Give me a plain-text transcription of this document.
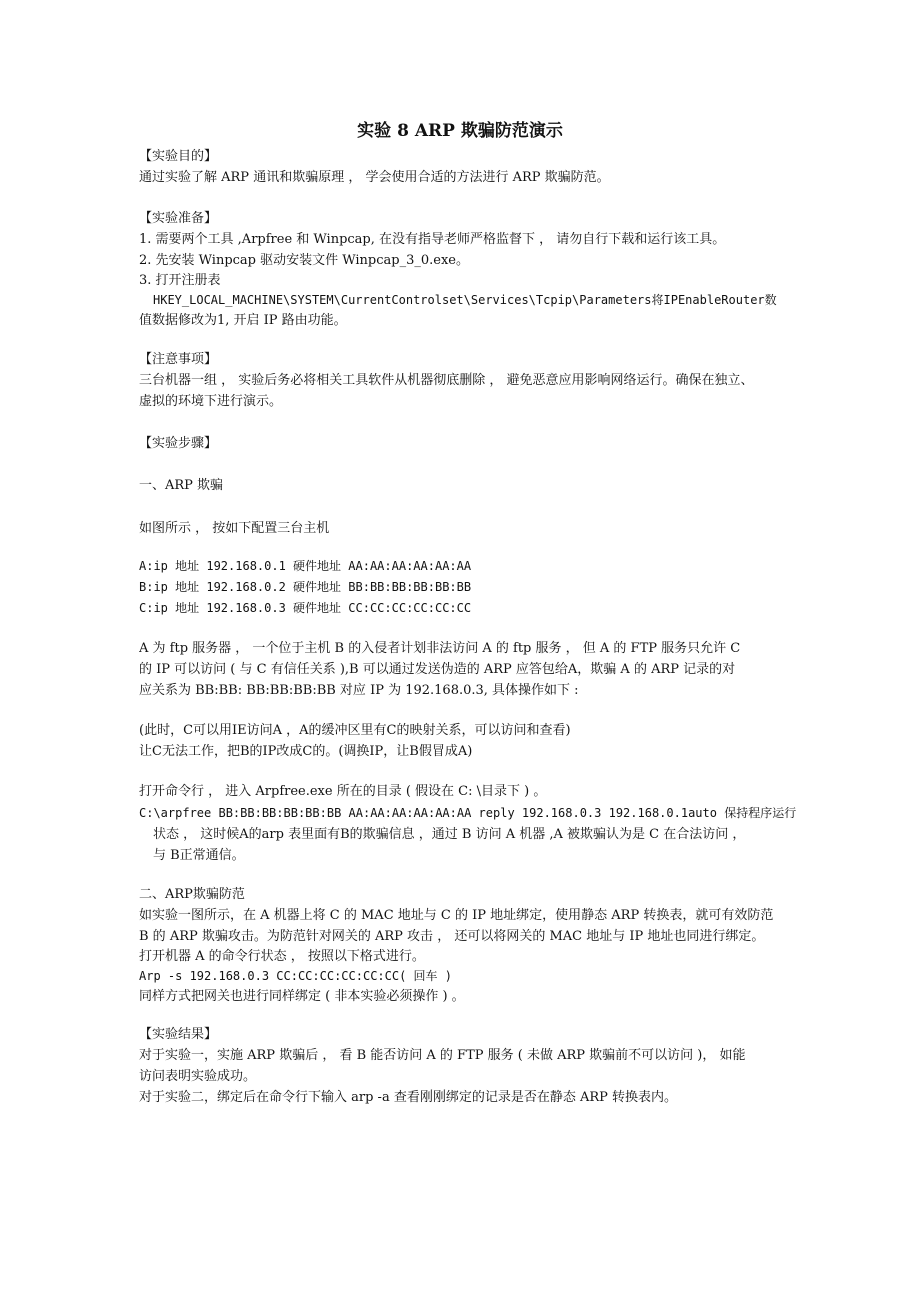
实验 8 ARP 欺骗防范演示
【实验目的】
通过实验了解 ARP 通讯和欺骗原理 ， 学会使用合适的方法进行 ARP 欺骗防范。
【实验准备】
1. 需要两个工具 ,Arpfree 和 Winpcap, 在没有指导老师严格监督下 ， 请勿自行下载和运行该工具。
2. 先安装 Winpcap 驱动安装文件 Winpcap_3_0.exe。
3. 打开注册表
HKEY_LOCAL_MACHINE\SYSTEM\CurrentControlset\Services\Tcpip\Parameters将IPEnableRouter数
值数据修改为1, 开启 IP 路由功能。
【注意事项】
三台机器一组 ， 实验后务必将相关工具软件从机器彻底删除 ， 避免恶意应用影响网络运行。确保在独立、
虚拟的环境下进行演示。
【实验步骤】
一、ARP 欺骗
如图所示 ， 按如下配置三台主机
A:ip 地址 192.168.0.1 硬件地址 AA:AA:AA:AA:AA:AA
B:ip 地址 192.168.0.2 硬件地址 BB:BB:BB:BB:BB:BB
C:ip 地址 192.168.0.3 硬件地址 CC:CC:CC:CC:CC:CC
A 为 ftp 服务器 ， 一个位于主机 B 的入侵者计划非法访问 A 的 ftp 服务 ， 但 A 的 FTP 服务只允许 C
的 IP 可以访问 ( 与 C 有信任关系 ),B 可以通过发送伪造的 ARP 应答包给A，欺骗 A 的 ARP 记录的对
应关系为 BB:BB: BB:BB:BB:BB 对应 IP 为 192.168.0.3, 具体操作如下 :
(此时，C可以用IE访问A ，A的缓冲区里有C的映射关系，可以访问和查看)
让C无法工作，把B的IP改成C的。(调换IP，让B假冒成A)
打开命令行 ， 进入 Arpfree.exe 所在的目录 ( 假设在 C: \目录下 ) 。
C:\arpfree BB:BB:BB:BB:BB:BB AA:AA:AA:AA:AA:AA reply 192.168.0.3 192.168.0.1auto 保持程序运行
状态 ， 这时候A的arp 表里面有B的欺骗信息 ，通过 B 访问 A 机器 ,A 被欺骗认为是 C 在合法访问 ，
与 B正常通信。
二、ARP欺骗防范
如实验一图所示，在 A 机器上将 C 的 MAC 地址与 C 的 IP 地址绑定，使用静态 ARP 转换表，就可有效防范
B 的 ARP 欺骗攻击。为防范针对网关的 ARP 攻击 ， 还可以将网关的 MAC 地址与 IP 地址也同进行绑定。
打开机器 A 的命令行状态 ， 按照以下格式进行。
Arp -s 192.168.0.3 CC:CC:CC:CC:CC:CC( 回车 )
同样方式把网关也进行同样绑定 ( 非本实验必须操作 ) 。
【实验结果】
对于实验一，实施 ARP 欺骗后 ， 看 B 能否访问 A 的 FTP 服务 ( 未做 ARP 欺骗前不可以访问 )， 如能
访问表明实验成功。
对于实验二，绑定后在命令行下输入 arp -a 查看刚刚绑定的记录是否在静态 ARP 转换表内。
